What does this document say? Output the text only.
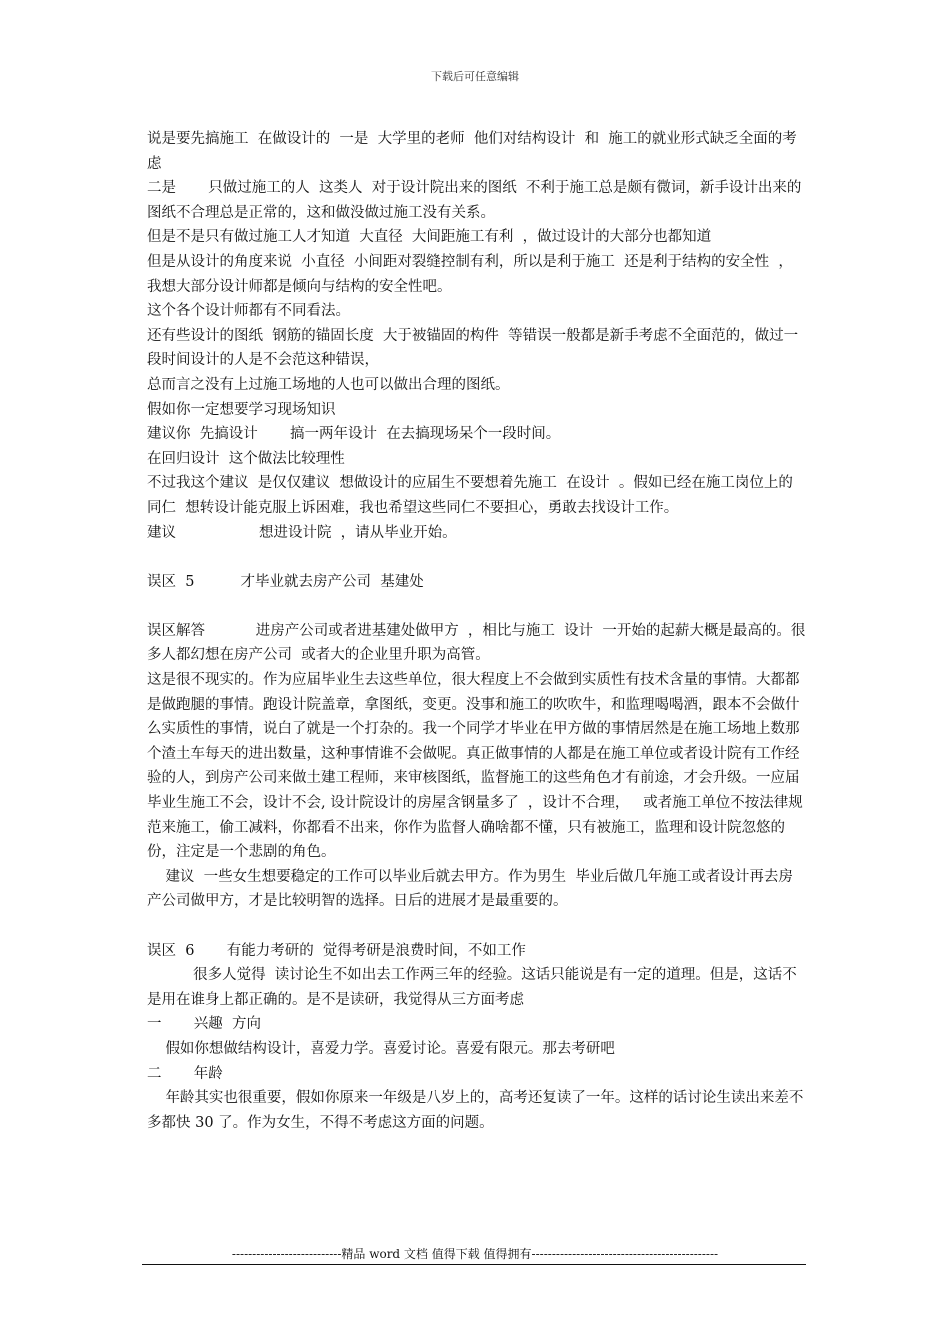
下载后可任意编辑

说是要先搞施工  在做设计的  一是  大学里的老师  他们对结构设计  和  施工的就业形式缺乏全面的考虑

二是       只做过施工的人  这类人  对于设计院出来的图纸  不利于施工总是颇有微词，新手设计出来的图纸不合理总是正常的，这和做没做过施工没有关系。

但是不是只有做过施工人才知道  大直径  大间距施工有利  ，做过设计的大部分也都知道

但是从设计的角度来说  小直径  小间距对裂缝控制有利，所以是利于施工  还是利于结构的安全性  ，我想大部分设计师都是倾向与结构的安全性吧。

这个各个设计师都有不同看法。

还有些设计的图纸  钢筋的锚固长度  大于被锚固的构件  等错误一般都是新手考虑不全面范的，做过一段时间设计的人是不会范这种错误，

总而言之没有上过施工场地的人也可以做出合理的图纸。

假如你一定想要学习现场知识

建议你  先搞设计       搞一两年设计  在去搞现场呆个一段时间。

在回归设计  这个做法比较理性

不过我这个建议  是仅仅建议  想做设计的应届生不要想着先施工  在设计  。假如已经在施工岗位上的同仁  想转设计能克服上诉困难，我也希望这些同仁不要担心，勇敢去找设计工作。

建议                  想进设计院  ，请从毕业开始。

误区  5          才毕业就去房产公司  基建处

误区解答           进房产公司或者进基建处做甲方  ，相比与施工  设计  一开始的起薪大概是最高的。很多人都幻想在房产公司  或者大的企业里升职为高管。

这是很不现实的。作为应届毕业生去这些单位，很大程度上不会做到实质性有技术含量的事情。大都都是做跑腿的事情。跑设计院盖章，拿图纸，变更。没事和施工的吹吹牛，和监理喝喝酒，跟本不会做什么实质性的事情，说白了就是一个打杂的。我一个同学才毕业在甲方做的事情居然是在施工场地上数那个渣土车每天的进出数量，这种事情谁不会做呢。真正做事情的人都是在施工单位或者设计院有工作经验的人，到房产公司来做土建工程师，来审核图纸，监督施工的这些角色才有前途，才会升级。一应届毕业生施工不会，设计不会, 设计院设计的房屋含钢量多了  ，设计不合理，   或者施工单位不按法律规范来施工，偷工减料，你都看不出来，你作为监督人确啥都不懂，只有被施工，监理和设计院忽悠的份，注定是一个悲剧的角色。

建议  一些女生想要稳定的工作可以毕业后就去甲方。作为男生  毕业后做几年施工或者设计再去房产公司做甲方，才是比较明智的选择。日后的进展才是最重要的。

误区  6       有能力考研的  觉得考研是浪费时间，不如工作

很多人觉得  读讨论生不如出去工作两三年的经验。这话只能说是有一定的道理。但是，这话不是用在谁身上都正确的。是不是读研，我觉得从三方面考虑

一       兴趣  方向

假如你想做结构设计，喜爱力学。喜爱讨论。喜爱有限元。那去考研吧

二       年龄

年龄其实也很重要，假如你原来一年级是八岁上的，高考还复读了一年。这样的话讨论生读出来差不多都快 30 了。作为女生，不得不考虑这方面的问题。

---------------------------精品 word 文档 值得下载 值得拥有----------------------------------------------
